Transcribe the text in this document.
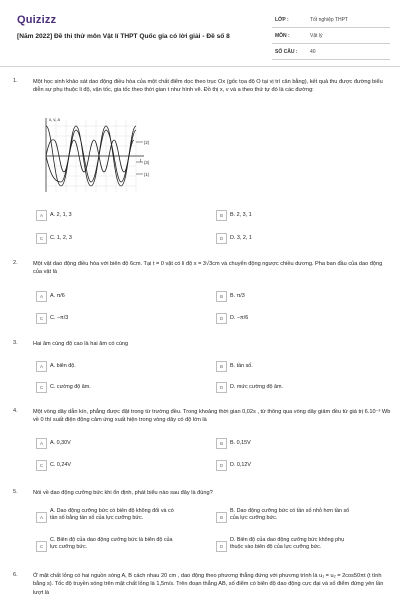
Quizizz
[Năm 2022] Đề thi thử môn Vật lí THPT Quốc gia có lời giải - Đề số 8
LỚP :	Tốt nghiệp THPT
MÔN :	Vật lý
SỐ CÂU :	40
1.	Một học sinh khảo sát dao động điều hòa của một chất điểm dọc theo trục Ox (gốc tọa độ O tại vị trí cân bằng), kết quả thu được đường biểu diễn sự phụ thuộc li độ, vận tốc, gia tốc theo thời gian t như hình vẽ. Đồ thị x, v và a theo thứ tự đó là các đường:
x, v, a
t
(2)
(3)
(1)
A	A. 2, 1, 3	B	B. 2, 3, 1
C	C. 1, 2, 3	D	D. 3, 2, 1
2.	Một vật dao động điều hòa với biên độ 6cm. Tại t = 0 vật có li độ x = 3√3cm và chuyển động ngược chiều dương. Pha ban đầu của dao động của vật là
A	A. π/6	B	B. π/3
C	C. −π/3	D	D. −π/6
3.	Hai âm cùng độ cao là hai âm có cùng
A	A. biên độ.	B	B. tần số.
C	C. cường độ âm.	D	D. mức cường độ âm.
4.	Một vòng dây dẫn kín, phẳng được đặt trong từ trường đều. Trong khoảng thời gian 0,02s , từ thông qua vòng dây giảm đều từ giá trị 6.10⁻³ Wb về 0 thì suất điện động cảm ứng xuất hiện trong vòng dây có độ lớn là
A	A. 0,30V	B	B. 0,15V
C	C. 0,24V	D	D. 0,12V
5.	Nói về dao động cưỡng bức khi ổn định, phát biểu nào sau đây là đúng?
A
A. Dao động cưỡng bức có biên độ không đổi và có tần số bằng tần số của lực cưỡng bức.	B
B. Dao động cưỡng bức có tần số nhỏ hơn tần số của lực cưỡng bức.
C
C. Biên độ của dao động cưỡng bức là biên độ của lực cưỡng bức.	D
D. Biên độ của dao động cưỡng bức không phụ thuộc vào biên độ của lực cưỡng bức.
6.	Ở mặt chất lỏng có hai nguồn sóng A, B cách nhau 20 cm , dao động theo phương thẳng đứng với phương trình là u₁ = u₂ = 2cos50πt (t tính bằng s). Tốc độ truyền sóng trên mặt chất lỏng là 1,5m/s. Trên đoạn thẳng AB, số điểm có biên độ dao động cực đại và số điểm đứng yên lần lượt là
